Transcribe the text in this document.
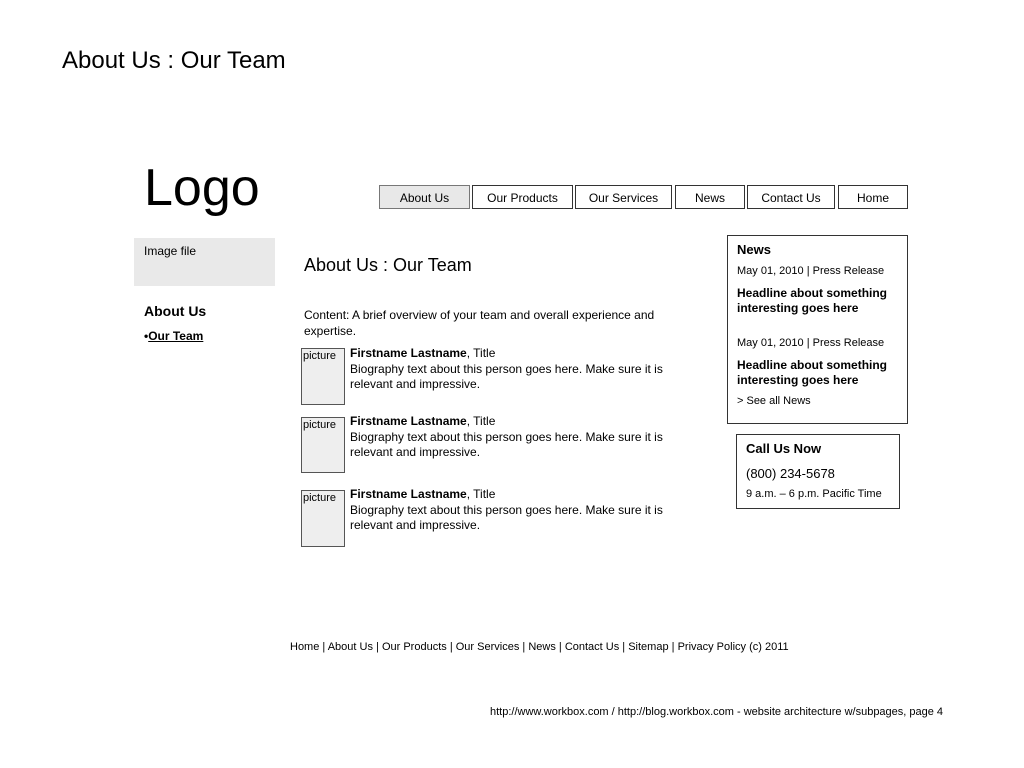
About Us : Our Team
Logo	About Us	Our Products	Our Services	News	Contact Us	Home
Image file
About Us
•Our Team
About Us : Our Team
Content: A brief overview of your team and overall experience and expertise.
picture Firstname Lastname, Title
Biography text about this person goes here. Make sure it is relevant and impressive.
picture Firstname Lastname, Title
Biography text about this person goes here. Make sure it is relevant and impressive.
picture Firstname Lastname, Title
Biography text about this person goes here. Make sure it is relevant and impressive.
News
May 01, 2010 | Press Release
Headline about something interesting goes here
May 01, 2010 | Press Release
Headline about something interesting goes here
> See all News
Call Us Now
(800) 234-5678
9 a.m. – 6 p.m. Pacific Time
Home | About Us | Our Products | Our Services | News | Contact Us | Sitemap | Privacy Policy (c) 2011
http://www.workbox.com / http://blog.workbox.com - website architecture w/subpages, page 4
